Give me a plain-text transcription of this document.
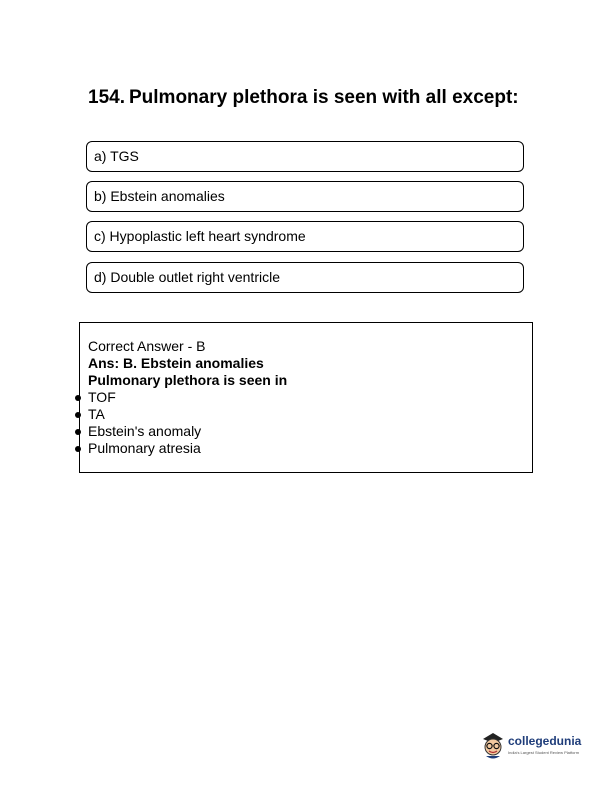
154. Pulmonary plethora is seen with all except:
a) TGS
b) Ebstein anomalies
c) Hypoplastic left heart syndrome
d) Double outlet right ventricle
Correct Answer - B
Ans: B. Ebstein anomalies
Pulmonary plethora is seen in
TOF
TA
Ebstein's anomaly
Pulmonary atresia
collegedunia
India's Largest Student Review Platform
